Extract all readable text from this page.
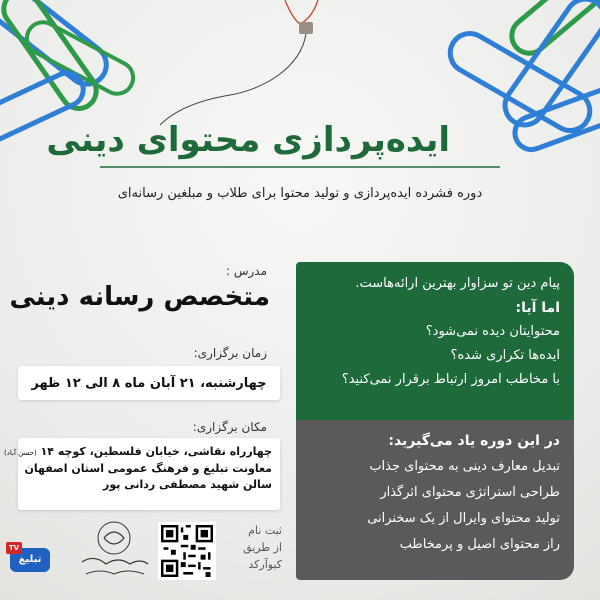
ایده‌پردازی محتوای دینی
دوره فشرده ایده‌پردازی و تولید محتوا برای طلاب و مبلغین رسانه‌ای
مدرس :
متخصص رسانه دینی
زمان برگزاری:
چهارشنبه، ۲۱ آبان ماه ۸ الی ۱۲ ظهر
مکان برگزاری:
چهارراه نقاشی، خیابان فلسطین، کوچه ۱۴ (حسن آباد)
معاونت تبلیغ و فرهنگ عمومی استان اصفهان
سالن شهید مصطفی ردانی پور
پیام دین تو سزاوار بهترین ارائه‌هاست.
اما آیا:
محتوایتان دیده نمی‌شود؟
ایده‌ها تکراری شده؟
با مخاطب امروز ارتباط برقرار نمی‌کنید؟
در این دوره یاد می‌گیرید:
تبدیل معارف دینی به محتوای جذاب
طراحی استراتژی محتوای اثرگذار
تولید محتوای وایرال از یک سخنرانی
راز محتوای اصیل و پرمخاطب
ثبت نام
از طریق
کیوآرکد
تبلیغ
TV
